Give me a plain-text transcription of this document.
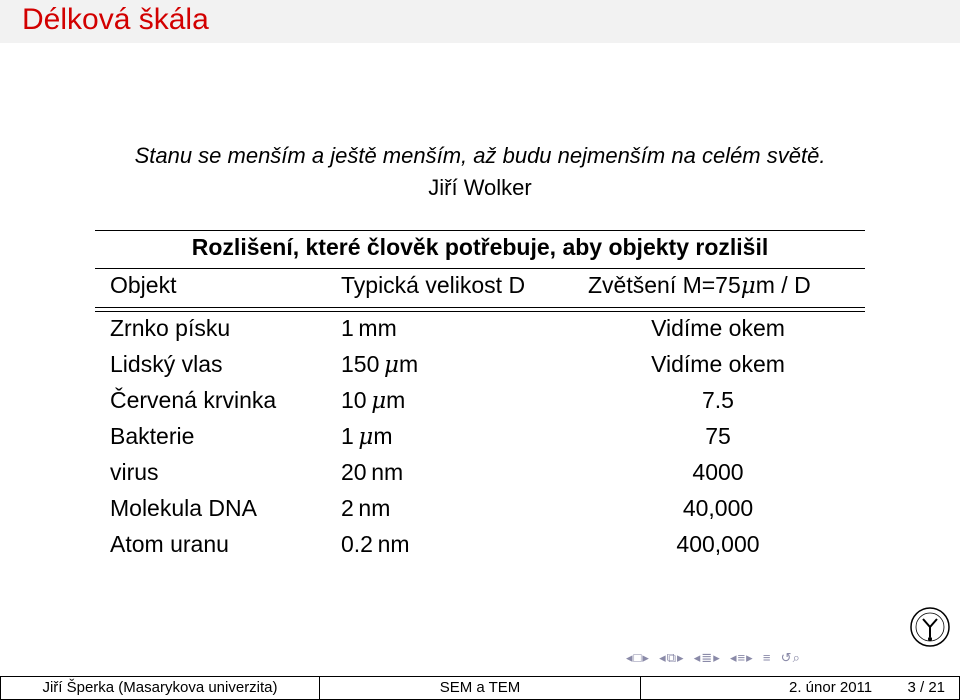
Délková škála
Stanu se menším a ještě menším, až budu nejmenším na celém světě.
Jiří Wolker
Rozlišení, které člověk potřebuje, aby objekty rozlišil
Objekt	Typická velikost D	Zvětšení M=75μm / D
Zrnko písku	1  mm	Vidíme okem
Lidský vlas	150  μm	Vidíme okem
Červená krvinka	10  μm	7.5
Bakterie	1  μm	75
virus	20  nm	4000
Molekula DNA	2  nm	40,000
Atom uranu	0.2  nm	400,000
◂□▸ ◂⧉▸ ◂≣▸ ◂≡▸ ≡ ↺⌕
Jiří Šperka (Masarykova univerzita)	SEM a TEM	2. únor 2011 3 / 21
